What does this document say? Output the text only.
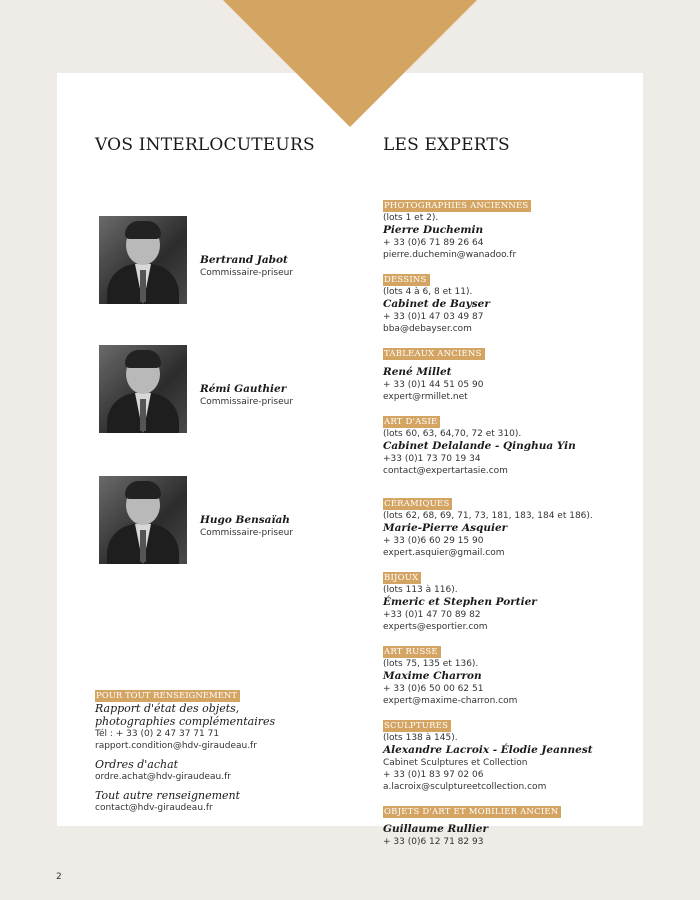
VOS INTERLOCUTEURS	LES EXPERTS
Bertrand Jabot
Commissaire-priseur
Rémi Gauthier
Commissaire-priseur
Hugo Bensaïah
Commissaire-priseur
PHOTOGRAPHIES ANCIENNES
(lots 1 et 2).
Pierre Duchemin
+ 33 (0)6 71 89 26 64
pierre.duchemin@wanadoo.fr
DESSINS
(lots 4 à 6, 8 et 11).
Cabinet de Bayser
+ 33 (0)1 47 03 49 87
bba@debayser.com
TABLEAUX ANCIENS
René Millet
+ 33 (0)1 44 51 05 90
expert@rmillet.net
ART D'ASIE
(lots 60, 63, 64,70, 72 et 310).
Cabinet Delalande - Qinghua Yin
+33 (0)1 73 70 19 34
contact@expertartasie.com
CÉRAMIQUES
(lots 62, 68, 69, 71, 73, 181, 183, 184 et 186).
Marie-Pierre Asquier
+ 33 (0)6 60 29 15 90
expert.asquier@gmail.com
BIJOUX
(lots 113 à 116).
Émeric et Stephen Portier
+33 (0)1 47 70 89 82
experts@esportier.com
ART RUSSE
(lots 75, 135 et 136).
Maxime Charron
+ 33 (0)6 50 00 62 51
expert@maxime-charron.com
SCULPTURES
(lots 138 à 145).
Alexandre Lacroix - Élodie Jeannest
Cabinet Sculptures et Collection
+ 33 (0)1 83 97 02 06
a.lacroix@sculptureetcollection.com
OBJETS D'ART ET MOBILIER ANCIEN
Guillaume Rullier
+ 33 (0)6 12 71 82 93
POUR TOUT RENSEIGNEMENT
Rapport d'état des objets,
photographies complémentaires
Tél : + 33 (0) 2 47 37 71 71
rapport.condition@hdv-giraudeau.fr
Ordres d'achat
ordre.achat@hdv-giraudeau.fr
Tout autre renseignement
contact@hdv-giraudeau.fr
2
